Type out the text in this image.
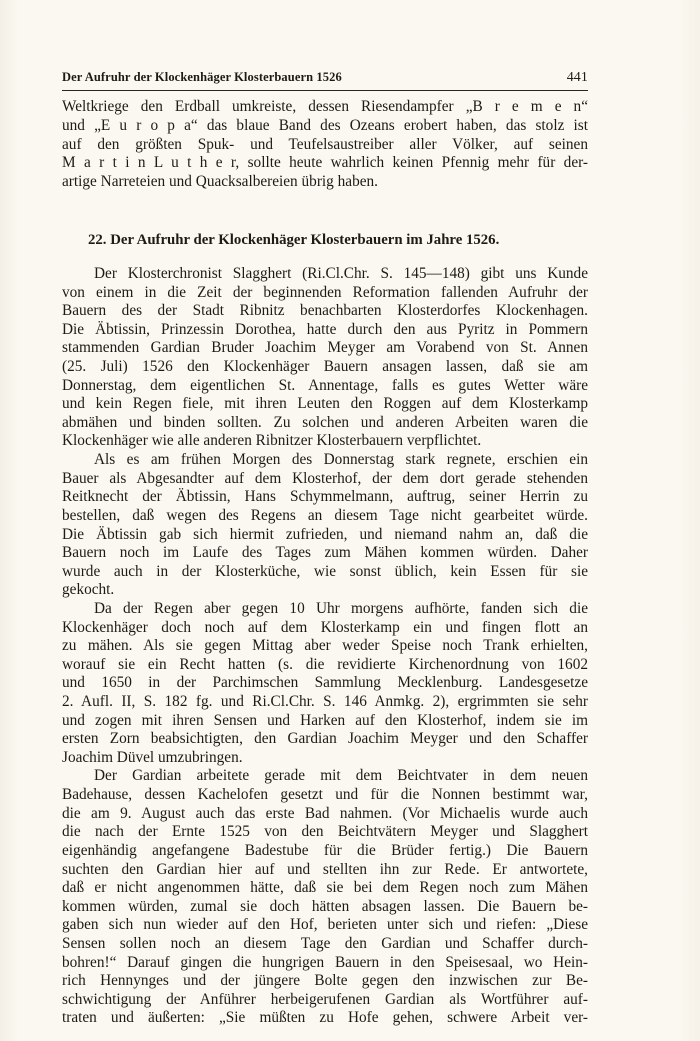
Der Aufruhr der Klockenhäger Klosterbauern 1526	441
Weltkriege den Erdball umkreiste, dessen Riesendampfer „B r e m e n“
und „E u r o p a“ das blaue Band des Ozeans erobert haben, das stolz ist
auf den größten Spuk- und Teufelsaustreiber aller Völker, auf seinen
M a r t i n L u t h e r, sollte heute wahrlich keinen Pfennig mehr für der-
artige Narreteien und Quacksalbereien übrig haben.
22. Der Aufruhr der Klockenhäger Klosterbauern im Jahre 1526.
Der Klosterchronist Slagghert (Ri.Cl.Chr. S. 145—148) gibt uns Kunde
von einem in die Zeit der beginnenden Reformation fallenden Aufruhr der
Bauern des der Stadt Ribnitz benachbarten Klosterdorfes Klockenhagen.
Die Äbtissin, Prinzessin Dorothea, hatte durch den aus Pyritz in Pommern
stammenden Gardian Bruder Joachim Meyger am Vorabend von St. Annen
(25. Juli) 1526 den Klockenhäger Bauern ansagen lassen, daß sie am
Donnerstag, dem eigentlichen St. Annentage, falls es gutes Wetter wäre
und kein Regen fiele, mit ihren Leuten den Roggen auf dem Klosterkamp
abmähen und binden sollten. Zu solchen und anderen Arbeiten waren die
Klockenhäger wie alle anderen Ribnitzer Klosterbauern verpflichtet.
Als es am frühen Morgen des Donnerstag stark regnete, erschien ein
Bauer als Abgesandter auf dem Klosterhof, der dem dort gerade stehenden
Reitknecht der Äbtissin, Hans Schymmelmann, auftrug, seiner Herrin zu
bestellen, daß wegen des Regens an diesem Tage nicht gearbeitet würde.
Die Äbtissin gab sich hiermit zufrieden, und niemand nahm an, daß die
Bauern noch im Laufe des Tages zum Mähen kommen würden. Daher
wurde auch in der Klosterküche, wie sonst üblich, kein Essen für sie
gekocht.
Da der Regen aber gegen 10 Uhr morgens aufhörte, fanden sich die
Klockenhäger doch noch auf dem Klosterkamp ein und fingen flott an
zu mähen. Als sie gegen Mittag aber weder Speise noch Trank erhielten,
worauf sie ein Recht hatten (s. die revidierte Kirchenordnung von 1602
und 1650 in der Parchimschen Sammlung Mecklenburg. Landesgesetze
2. Aufl. II, S. 182 fg. und Ri.Cl.Chr. S. 146 Anmkg. 2), ergrimmten sie sehr
und zogen mit ihren Sensen und Harken auf den Klosterhof, indem sie im
ersten Zorn beabsichtigten, den Gardian Joachim Meyger und den Schaffer
Joachim Düvel umzubringen.
Der Gardian arbeitete gerade mit dem Beichtvater in dem neuen
Badehause, dessen Kachelofen gesetzt und für die Nonnen bestimmt war,
die am 9. August auch das erste Bad nahmen. (Vor Michaelis wurde auch
die nach der Ernte 1525 von den Beichtvätern Meyger und Slagghert
eigenhändig angefangene Badestube für die Brüder fertig.) Die Bauern
suchten den Gardian hier auf und stellten ihn zur Rede. Er antwortete,
daß er nicht angenommen hätte, daß sie bei dem Regen noch zum Mähen
kommen würden, zumal sie doch hätten absagen lassen. Die Bauern be-
gaben sich nun wieder auf den Hof, berieten unter sich und riefen: „Diese
Sensen sollen noch an diesem Tage den Gardian und Schaffer durch-
bohren!“ Darauf gingen die hungrigen Bauern in den Speisesaal, wo Hein-
rich Hennynges und der jüngere Bolte gegen den inzwischen zur Be-
schwichtigung der Anführer herbeigerufenen Gardian als Wortführer auf-
traten und äußerten: „Sie müßten zu Hofe gehen, schwere Arbeit ver-
